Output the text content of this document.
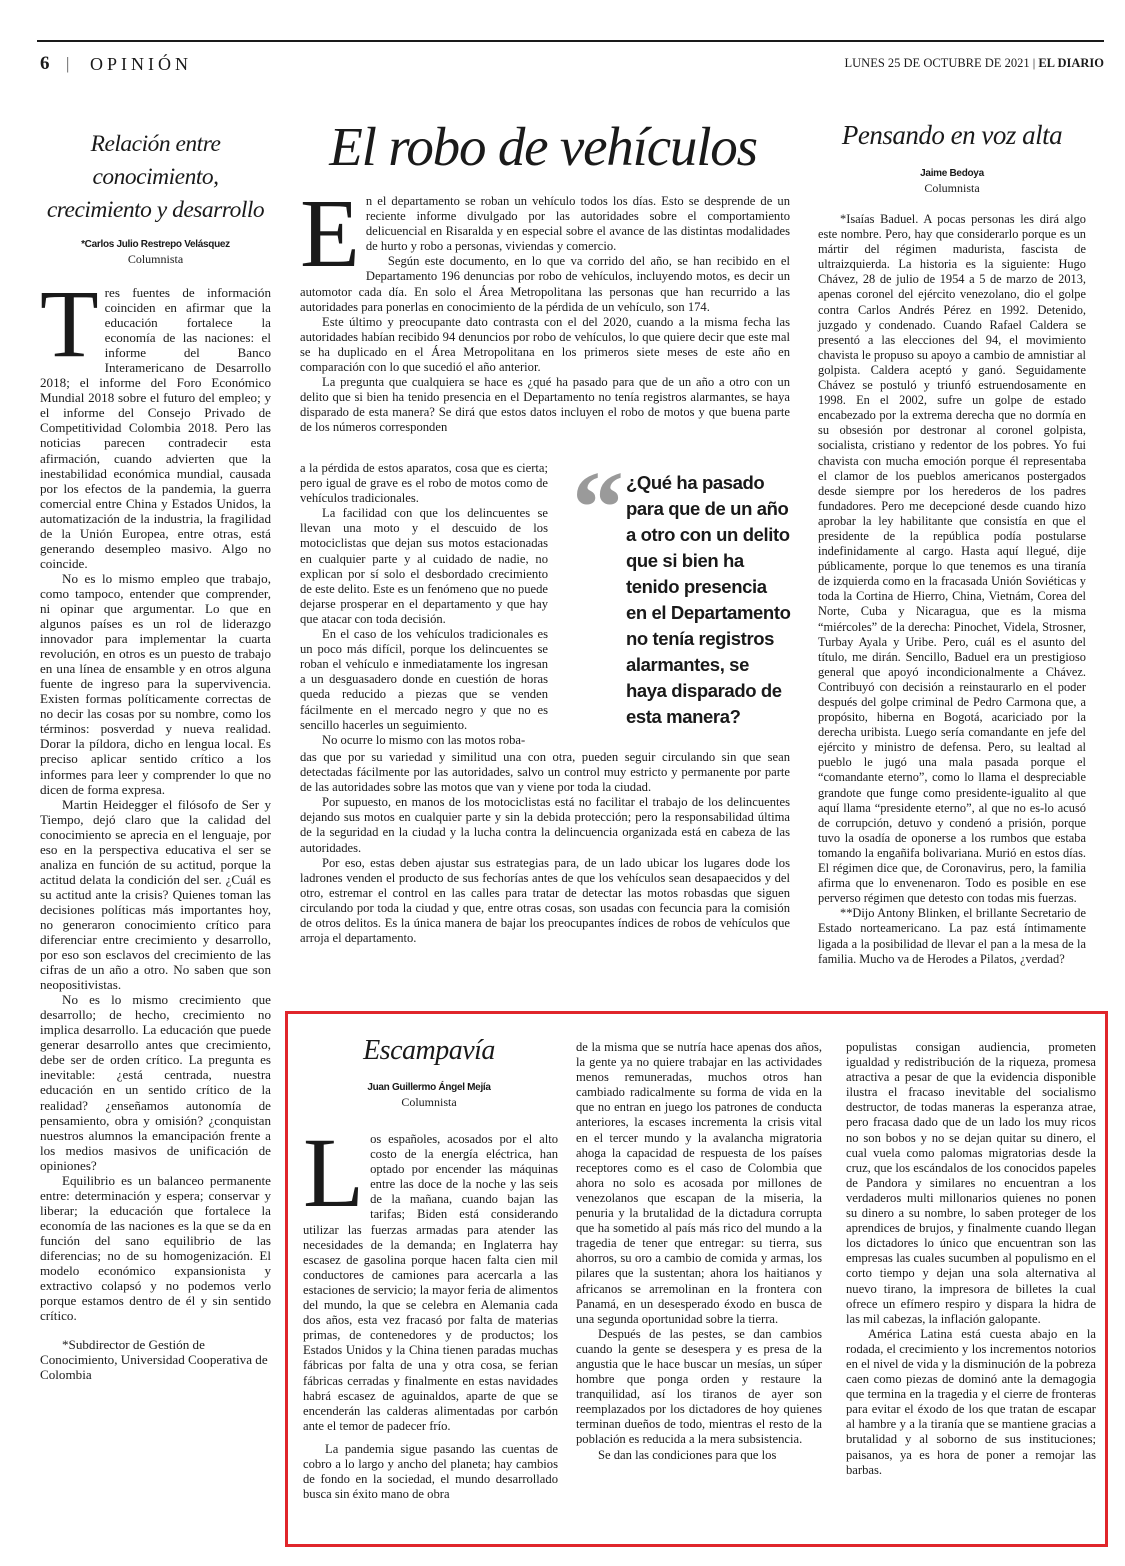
6 | OPINIÓN	LUNES 25 DE OCTUBRE DE 2021 | EL DIARIO
Relación entre conocimiento, crecimiento y desarrollo
*Carlos Julio Restrepo Velásquez
Columnista

Tres fuentes de información coinciden en afirmar que la educación fortalece la economía de las naciones: el informe del Banco Interamericano de Desarrollo 2018; el informe del Foro Económico Mundial 2018 sobre el futuro del empleo; y el informe del Consejo Privado de Competitividad Colombia 2018. Pero las noticias parecen contradecir esta afirmación, cuando advierten que la inestabilidad económica mundial, causada por los efectos de la pandemia, la guerra comercial entre China y Estados Unidos, la automatización de la industria, la fragilidad de la Unión Europea, entre otras, está generando desempleo masivo. Algo no coincide.

No es lo mismo empleo que trabajo, como tampoco, entender que comprender, ni opinar que argumentar. Lo que en algunos países es un rol de liderazgo innovador para implementar la cuarta revolución, en otros es un puesto de trabajo en una línea de ensamble y en otros alguna fuente de ingreso para la supervivencia. Existen formas políticamente correctas de no decir las cosas por su nombre, como los términos: posverdad y nueva realidad. Dorar la píldora, dicho en lengua local. Es preciso aplicar sentido crítico a los informes para leer y comprender lo que no dicen de forma expresa.

Martin Heidegger el filósofo de Ser y Tiempo, dejó claro que la calidad del conocimiento se aprecia en el lenguaje, por eso en la perspectiva educativa el ser se analiza en función de su actitud, porque la actitud delata la condición del ser. ¿Cuál es su actitud ante la crisis? Quienes toman las decisiones políticas más importantes hoy, no generaron conocimiento crítico para diferenciar entre crecimiento y desarrollo, por eso son esclavos del crecimiento de las cifras de un año a otro. No saben que son neopositivistas.

No es lo mismo crecimiento que desarrollo; de hecho, crecimiento no implica desarrollo. La educación que puede generar desarrollo antes que crecimiento, debe ser de orden crítico. La pregunta es inevitable: ¿está centrada, nuestra educación en un sentido crítico de la realidad? ¿enseñamos autonomía de pensamiento, obra y omisión? ¿conquistan nuestros alumnos la emancipación frente a los medios masivos de unificación de opiniones?

Equilibrio es un balanceo permanente entre: determinación y espera; conservar y liberar; la educación que fortalece la economía de las naciones es la que se da en función del sano equilibrio de las diferencias; no de su homogenización. El modelo económico expansionista y extractivo colapsó y no podemos verlo porque estamos dentro de él y sin sentido crítico.

*Subdirector de Gestión de Conocimiento, Universidad Cooperativa de Colombia
El robo de vehículos

En el departamento se roban un vehículo todos los días. Esto se desprende de un reciente informe divulgado por las autoridades sobre el comportamiento delicuencial en Risaralda y en especial sobre el avance de las distintas modalidades de hurto y robo a personas, viviendas y comercio.

Según este documento, en lo que va corrido del año, se han recibido en el Departamento 196 denuncias por robo de vehículos, incluyendo motos, es decir un automotor cada día. En solo el Área Metropolitana las personas que han recurrido a las autoridades para ponerlas en conocimiento de la pérdida de un vehículo, son 174.

Este último y preocupante dato contrasta con el del 2020, cuando a la misma fecha las autoridades habían recibido 94 denuncios por robo de vehículos, lo que quiere decir que este mal se ha duplicado en el Área Metropolitana en los primeros siete meses de este año en comparación con lo que sucedió el año anterior.

La pregunta que cualquiera se hace es ¿qué ha pasado para que de un año a otro con un delito que si bien ha tenido presencia en el Departamento no tenía registros alarmantes, se haya disparado de esta manera? Se dirá que estos datos incluyen el robo de motos y que buena parte de los números corresponden

a la pérdida de estos aparatos, cosa que es cierta; pero igual de grave es el robo de motos como de vehículos tradicionales.

La facilidad con que los delincuentes se llevan una moto y el descuido de los motociclistas que dejan sus motos estacionadas en cualquier parte y al cuidado de nadie, no explican por sí solo el desbordado crecimiento de este delito. Este es un fenómeno que no puede dejarse prosperar en el departamento y que hay que atacar con toda decisión.

En el caso de los vehículos tradicionales es un poco más difícil, porque los delincuentes se roban el vehículo e inmediatamente los ingresan a un desguasadero donde en cuestión de horas queda reducido a piezas que se venden fácilmente en el mercado negro y que no es sencillo hacerles un seguimiento.

No ocurre lo mismo con las motos roba-

“ ¿Qué ha pasado para que de un año a otro con un delito que si bien ha tenido presencia en el Departamento no tenía registros alarmantes, se haya disparado de esta manera?

das que por su variedad y similitud una con otra, pueden seguir circulando sin que sean detectadas fácilmente por las autoridades, salvo un control muy estricto y permanente por parte de las autoridades sobre las motos que van y viene por toda la ciudad.

Por supuesto, en manos de los motociclistas está no facilitar el trabajo de los delincuentes dejando sus motos en cualquier parte y sin la debida protección; pero la responsabilidad última de la seguridad en la ciudad y la lucha contra la delincuencia organizada está en cabeza de las autoridades.

Por eso, estas deben ajustar sus estrategias para, de un lado ubicar los lugares dode los ladrones venden el producto de sus fechorías antes de que los vehículos sean desapaecidos y del otro, estremar el control en las calles para tratar de detectar las motos robasdas que siguen circulando por toda la ciudad y que, entre otras cosas, son usadas con fecuncia para la comisión de otros delitos. Es la única manera de bajar los preocupantes índices de robos de vehículos que arroja el departamento.

Pensando en voz alta
Jaime Bedoya
Columnista

*Isaías Baduel. A pocas personas les dirá algo este nombre. Pero, hay que considerarlo porque es un mártir del régimen madurista, fascista de ultraizquierda. La historia es la siguiente: Hugo Chávez, 28 de julio de 1954 a 5 de marzo de 2013, apenas coronel del ejército venezolano, dio el golpe contra Carlos Andrés Pérez en 1992. Detenido, juzgado y condenado. Cuando Rafael Caldera se presentó a las elecciones del 94, el movimiento chavista le propuso su apoyo a cambio de amnistiar al golpista. Caldera aceptó y ganó. Seguidamente Chávez se postuló y triunfó estruendosamente en 1998. En el 2002, sufre un golpe de estado encabezado por la extrema derecha que no dormía en su obsesión por destronar al coronel golpista, socialista, cristiano y redentor de los pobres. Yo fui chavista con mucha emoción porque él representaba el clamor de los pueblos americanos postergados desde siempre por los herederos de los padres fundadores. Pero me decepcioné desde cuando hizo aprobar la ley habilitante que consistía en que el presidente de la república podía postularse indefinidamente al cargo. Hasta aquí llegué, dije públicamente, porque lo que tenemos es una tiranía de izquierda como en la fracasada Unión Soviéticas y toda la Cortina de Hierro, China, Vietnám, Corea del Norte, Cuba y Nicaragua, que es la misma “miércoles” de la derecha: Pinochet, Videla, Strosner, Turbay Ayala y Uribe. Pero, cuál es el asunto del título, me dirán. Sencillo, Baduel era un prestigioso general que apoyó incondicionalmente a Chávez. Contribuyó con decisión a reinstaurarlo en el poder después del golpe criminal de Pedro Carmona que, a propósito, hiberna en Bogotá, acariciado por la derecha uribista. Luego sería comandante en jefe del ejército y ministro de defensa. Pero, su lealtad al pueblo le jugó una mala pasada porque el “comandante eterno”, como lo llama el despreciable grandote que funge como presidente-igualito al que aquí llama “presidente eterno”, al que no es-lo acusó de corrupción, detuvo y condenó a prisión, porque tuvo la osadía de oponerse a los rumbos que estaba tomando la engañifa bolivariana. Murió en estos días. El régimen dice que, de Coronavirus, pero, la familia afirma que lo envenenaron. Todo es posible en ese perverso régimen que detesto con todas mis fuerzas.

**Dijo Antony Blinken, el brillante Secretario de Estado norteamericano. La paz está íntimamente ligada a la posibilidad de llevar el pan a la mesa de la familia. Mucho va de Herodes a Pilatos, ¿verdad?

Escampavía
Juan Guillermo Ángel Mejía
Columnista

Los españoles, acosados por el alto costo de la energía eléctrica, han optado por encender las máquinas entre las doce de la noche y las seis de la mañana, cuando bajan las tarifas; Biden está considerando utilizar las fuerzas armadas para atender las necesidades de la demanda; en Inglaterra hay escasez de gasolina porque hacen falta cien mil conductores de camiones para acercarla a las estaciones de servicio; la mayor feria de alimentos del mundo, la que se celebra en Alemania cada dos años, esta vez fracasó por falta de materias primas, de contenedores y de productos; los Estados Unidos y la China tienen paradas muchas fábricas por falta de una y otra cosa, se ferian fábricas cerradas y finalmente en estas navidades habrá escasez de aguinaldos, aparte de que se encenderán las calderas alimentadas por carbón ante el temor de padecer frío.

La pandemia sigue pasando las cuentas de cobro a lo largo y ancho del planeta; hay cambios de fondo en la sociedad, el mundo desarrollado busca sin éxito mano de obra

de la misma que se nutría hace apenas dos años, la gente ya no quiere trabajar en las actividades menos remuneradas, muchos otros han cambiado radicalmente su forma de vida en la que no entran en juego los patrones de conducta anteriores, la escases incrementa la crisis vital en el tercer mundo y la avalancha migratoria ahoga la capacidad de respuesta de los países receptores como es el caso de Colombia que ahora no solo es acosada por millones de venezolanos que escapan de la miseria, la penuria y la brutalidad de la dictadura corrupta que ha sometido al país más rico del mundo a la tragedia de tener que entregar: su tierra, sus ahorros, su oro a cambio de comida y armas, los pilares que la sustentan; ahora los haitianos y africanos se arremolinan en la frontera con Panamá, en un desesperado éxodo en busca de una segunda oportunidad sobre la tierra.

Después de las pestes, se dan cambios cuando la gente se desespera y es presa de la angustia que le hace buscar un mesías, un súper hombre que ponga orden y restaure la tranquilidad, así los tiranos de ayer son reemplazados por los dictadores de hoy quienes terminan dueños de todo, mientras el resto de la población es reducida a la mera subsistencia.

Se dan las condiciones para que los

populistas consigan audiencia, prometen igualdad y redistribución de la riqueza, promesa atractiva a pesar de que la evidencia disponible ilustra el fracaso inevitable del socialismo destructor, de todas maneras la esperanza atrae, pero fracasa dado que de un lado los muy ricos no son bobos y no se dejan quitar su dinero, el cual vuela como palomas migratorias desde la cruz, que los escándalos de los conocidos papeles de Pandora y similares no encuentran a los verdaderos multi millonarios quienes no ponen su dinero a su nombre, lo saben proteger de los aprendices de brujos, y finalmente cuando llegan los dictadores lo único que encuentran son las empresas las cuales sucumben al populismo en el corto tiempo y dejan una sola alternativa al nuevo tirano, la impresora de billetes la cual ofrece un efímero respiro y dispara la hidra de las mil cabezas, la inflación galopante.

América Latina está cuesta abajo en la rodada, el crecimiento y los incrementos notorios en el nivel de vida y la disminución de la pobreza caen como piezas de dominó ante la demagogia que termina en la tragedia y el cierre de fronteras para evitar el éxodo de los que tratan de escapar al hambre y a la tiranía que se mantiene gracias a brutalidad y al soborno de sus instituciones; paisanos, ya es hora de poner a remojar las barbas.
